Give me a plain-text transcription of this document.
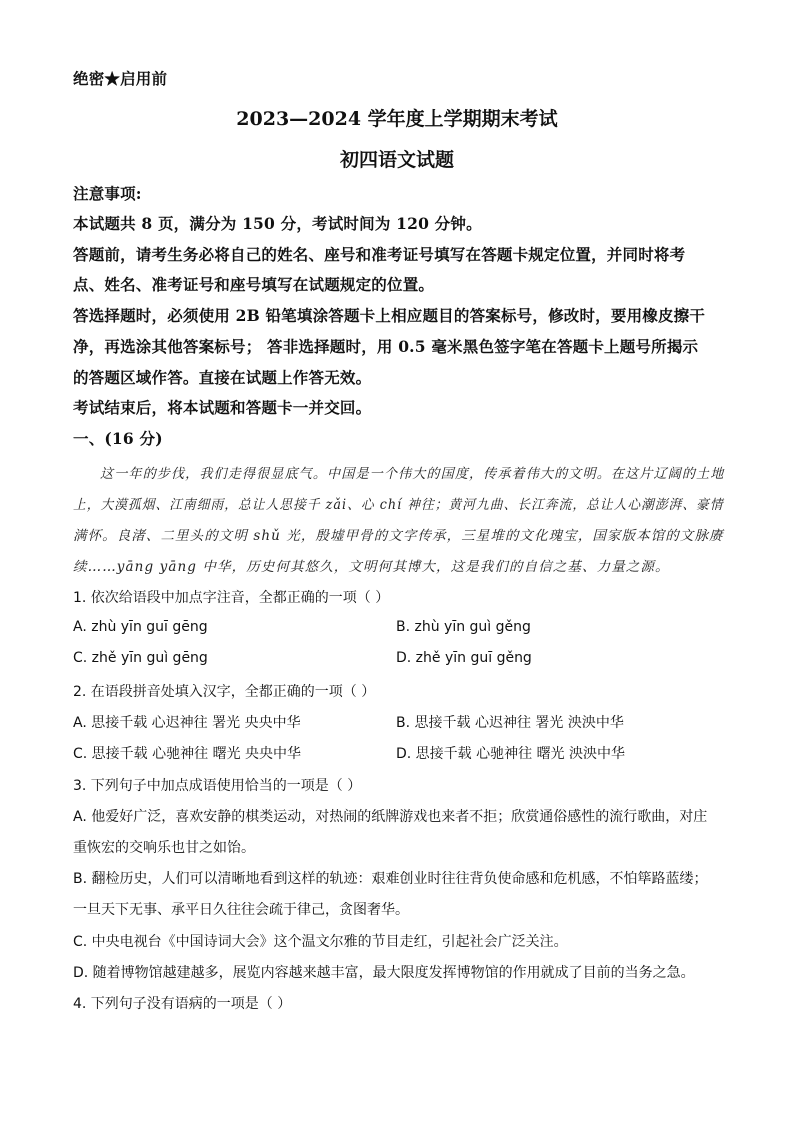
绝密★启用前
2023—2024 学年度上学期期末考试
初四语文试题
注意事项:
本试题共 8 页，满分为 150 分，考试时间为 120 分钟。
答题前，请考生务必将自己的姓名、座号和准考证号填写在答题卡规定位置，并同时将考
点、姓名、准考证号和座号填写在试题规定的位置。
答选择题时，必须使用 2B 铅笔填涂答题卡上相应题目的答案标号，修改时，要用橡皮擦干
净，再选涂其他答案标号； 答非选择题时，用 0.5 毫米黑色签字笔在答题卡上题号所揭示
的答题区域作答。直接在试题上作答无效。
考试结束后，将本试题和答题卡一并交回。
一、(16 分)
这一年的步伐，我们走得很显底气。中国是一个伟大的国度，传承着伟大的文明。在这片辽阔的土地
上，大漠孤烟、江南细雨，总让人思接千 zǎi、心 chí 神往；黄河九曲、长江奔流，总让人心潮澎湃、豪情
满怀。良渚、二里头的文明 shǔ 光，殷墟甲骨的文字传承，三星堆的文化瑰宝，国家版本馆的文脉赓
续……yāng yāng 中华，历史何其悠久，文明何其博大，这是我们的自信之基、力量之源。
1. 依次给语段中加点字注音，全都正确的一项（ ）
A. zhù yīn guī gēng	B. zhù yīn guì gěng
C. zhě yīn guì gēng	D. zhě yīn guī gěng
2. 在语段拼音处填入汉字，全都正确的一项（ ）
A. 思接千载 心迟神往 署光 央央中华	B. 思接千载 心迟神往 署光 泱泱中华
C. 思接千载 心驰神往 曙光 央央中华	D. 思接千载 心驰神往 曙光 泱泱中华
3. 下列句子中加点成语使用恰当的一项是（ ）
A. 他爱好广泛，喜欢安静的棋类运动，对热闹的纸牌游戏也来者不拒；欣赏通俗感性的流行歌曲，对庄
重恢宏的交响乐也甘之如饴。
B. 翻检历史，人们可以清晰地看到这样的轨迹：艰难创业时往往背负使命感和危机感，不怕筚路蓝缕；
一旦天下无事、承平日久往往会疏于律己，贪图奢华。
C. 中央电视台《中国诗词大会》这个温文尔雅的节目走红，引起社会广泛关注。
D. 随着博物馆越建越多，展览内容越来越丰富，最大限度发挥博物馆的作用就成了目前的当务之急。
4. 下列句子没有语病的一项是（ ）
